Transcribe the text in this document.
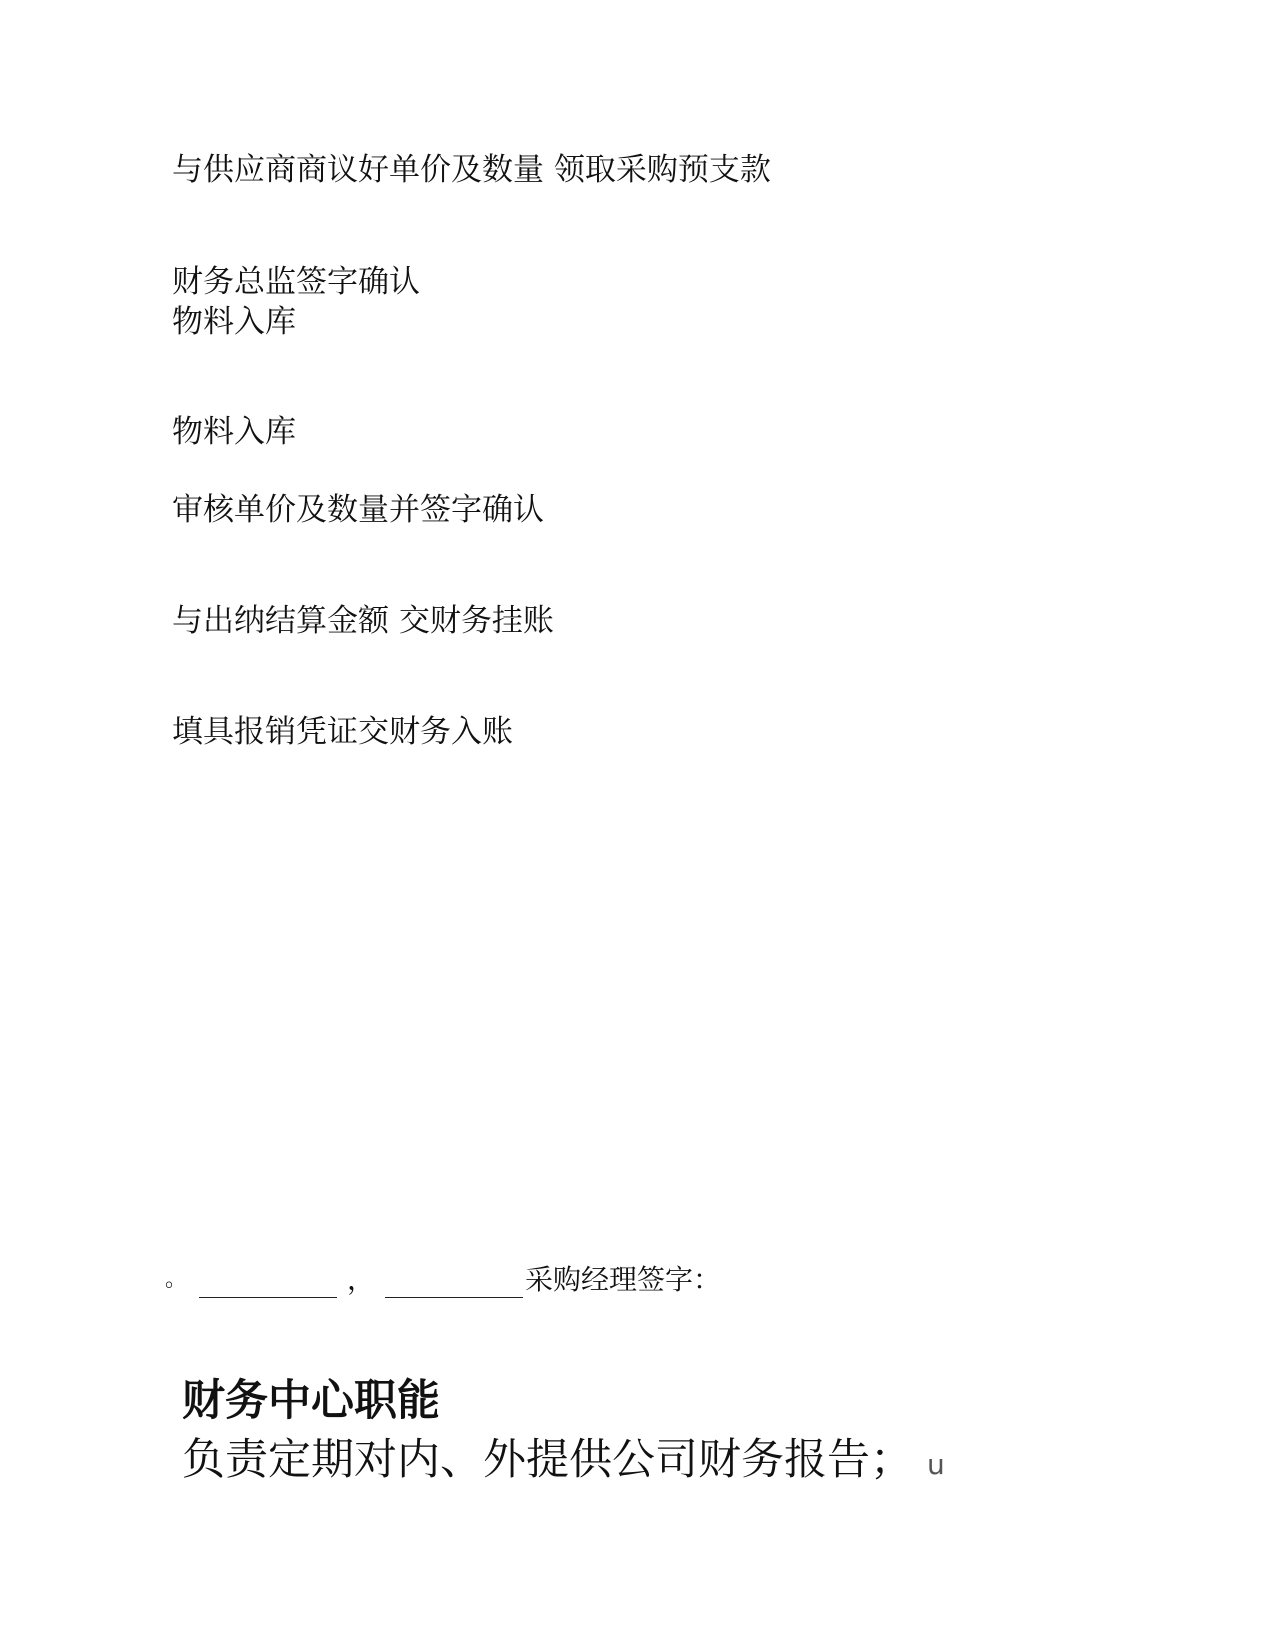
与供应商商议好单价及数量 领取采购预支款
财务总监签字确认
物料入库
物料入库
审核单价及数量并签字确认
与出纳结算金额 交财务挂账
填具报销凭证交财务入账
。	，	采购经理签字：
财务中心职能
负责定期对内、外提供公司财务报告； u
